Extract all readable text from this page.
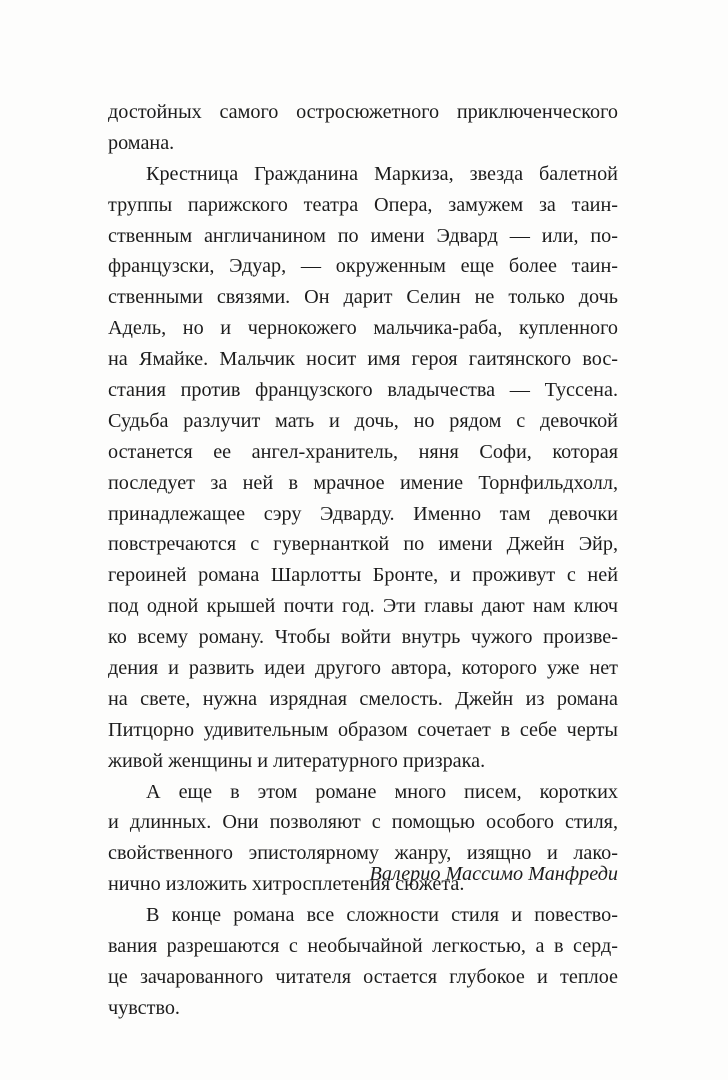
достойных самого остросюжетного приключенческого
романа.
Крестница Гражданина Маркиза, звезда балетной
труппы парижского театра Опера, замужем за таин-
ственным англичанином по имени Эдвард — или, по-
французски, Эдуар, — окруженным еще более таин-
ственными связями. Он дарит Селин не только дочь
Адель, но и чернокожего мальчика-раба, купленного
на Ямайке. Мальчик носит имя героя гаитянского вос-
стания против французского владычества — Туссена.
Судьба разлучит мать и дочь, но рядом с девочкой
останется ее ангел-хранитель, няня Софи, которая
последует за ней в мрачное имение Торнфильдхолл,
принадлежащее сэру Эдварду. Именно там девочки
повстречаются с гувернанткой по имени Джейн Эйр,
героиней романа Шарлотты Бронте, и проживут с ней
под одной крышей почти год. Эти главы дают нам ключ
ко всему роману. Чтобы войти внутрь чужого произве-
дения и развить идеи другого автора, которого уже нет
на свете, нужна изрядная смелость. Джейн из романа
Питцорно удивительным образом сочетает в себе черты
живой женщины и литературного призрака.
А еще в этом романе много писем, коротких
и длинных. Они позволяют с помощью особого стиля,
свойственного эпистолярному жанру, изящно и лако-
нично изложить хитросплетения сюжета.
В конце романа все сложности стиля и повество-
вания разрешаются с необычайной легкостью, а в серд-
це зачарованного читателя остается глубокое и теплое
чувство.
Валерио Массимо Манфреди
